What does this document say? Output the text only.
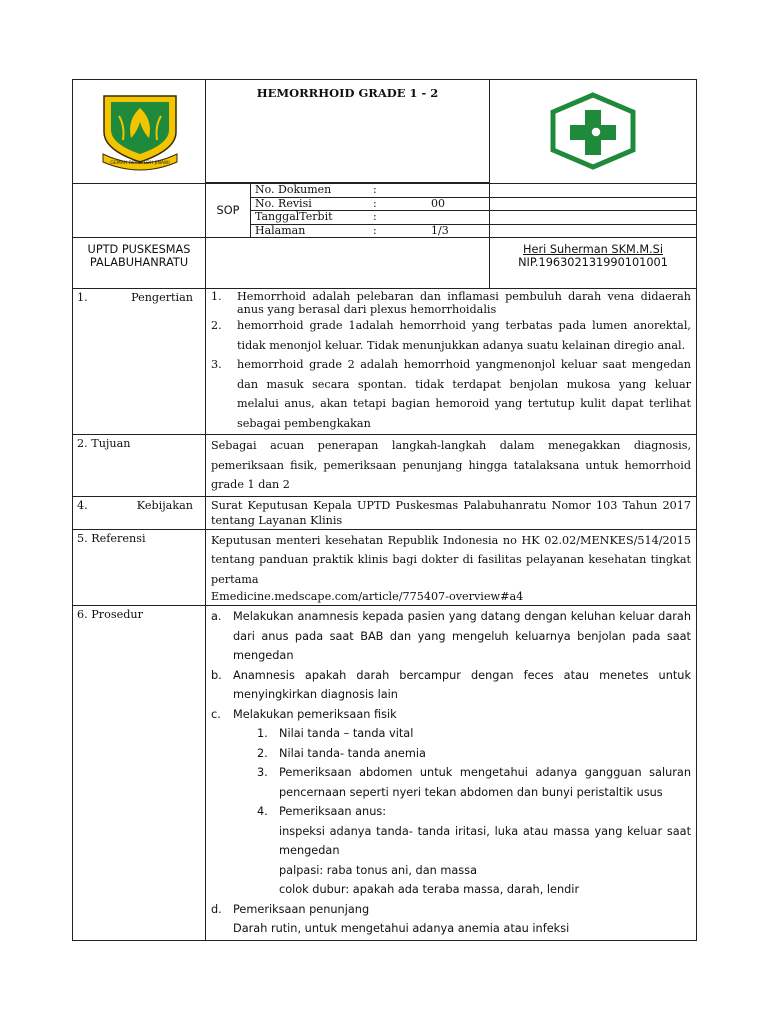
GEMAH RIPAH LOH JINAWI

HEMORRHOID GRADE 1 - 2

	SOP	
No. Dokumen	:	
No. Revisi	:	00
TanggalTerbit	:	
Halaman	:	1/3

UPTD PUSKESMAS
PALABUHANRATU

Heri Suherman SKM.M.Si
NIP.196302131990101001

1.	Pengertian	1.	Hemorrhoid adalah pelebaran dan inflamasi pembuluh darah vena didaerah anus yang berasal dari plexus hemorrhoidalis
2.	hemorrhoid grade 1adalah hemorrhoid yang terbatas pada lumen anorektal, tidak menonjol keluar. Tidak menunjukkan adanya suatu kelainan diregio anal.
3.	hemorrhoid grade 2 adalah hemorrhoid yangmenonjol keluar saat mengedan dan masuk secara spontan. tidak terdapat benjolan mukosa yang keluar melalui anus, akan tetapi bagian hemoroid yang tertutup kulit dapat terlihat sebagai pembengkakan

2. Tujuan	Sebagai acuan penerapan langkah-langkah dalam menegakkan diagnosis, pemeriksaan fisik, pemeriksaan penunjang hingga tatalaksana untuk hemorrhoid grade 1 dan 2
4.	Kebijakan	Surat Keputusan Kepala UPTD Puskesmas Palabuhanratu Nomor 103 Tahun 2017 tentang Layanan Klinis
5. Referensi	Keputusan menteri kesehatan Republik Indonesia no HK 02.02/MENKES/514/2015 tentang panduan praktik klinis bagi dokter di fasilitas pelayanan kesehatan tingkat pertama
Emedicine.medscape.com/article/775407-overview#a4

6. Prosedur	a.	Melakukan anamnesis kepada pasien yang datang dengan keluhan keluar darah dari anus pada saat BAB dan yang mengeluh keluarnya benjolan pada saat mengedan
b. Anamnesis apakah darah bercampur dengan feces atau menetes untuk menyingkirkan diagnosis lain
c.	Melakukan pemeriksaan fisik
1. Nilai tanda – tanda vital
2. Nilai tanda- tanda anemia
3. Pemeriksaan abdomen untuk mengetahui adanya gangguan saluran pencernaan seperti nyeri tekan abdomen dan bunyi peristaltik usus
4. Pemeriksaan anus:
inspeksi adanya tanda- tanda iritasi, luka atau massa yang keluar saat mengedan
palpasi: raba tonus ani, dan massa
colok dubur: apakah ada teraba massa, darah, lendir
d. Pemeriksaan penunjang
Darah rutin, untuk mengetahui adanya anemia atau infeksi
